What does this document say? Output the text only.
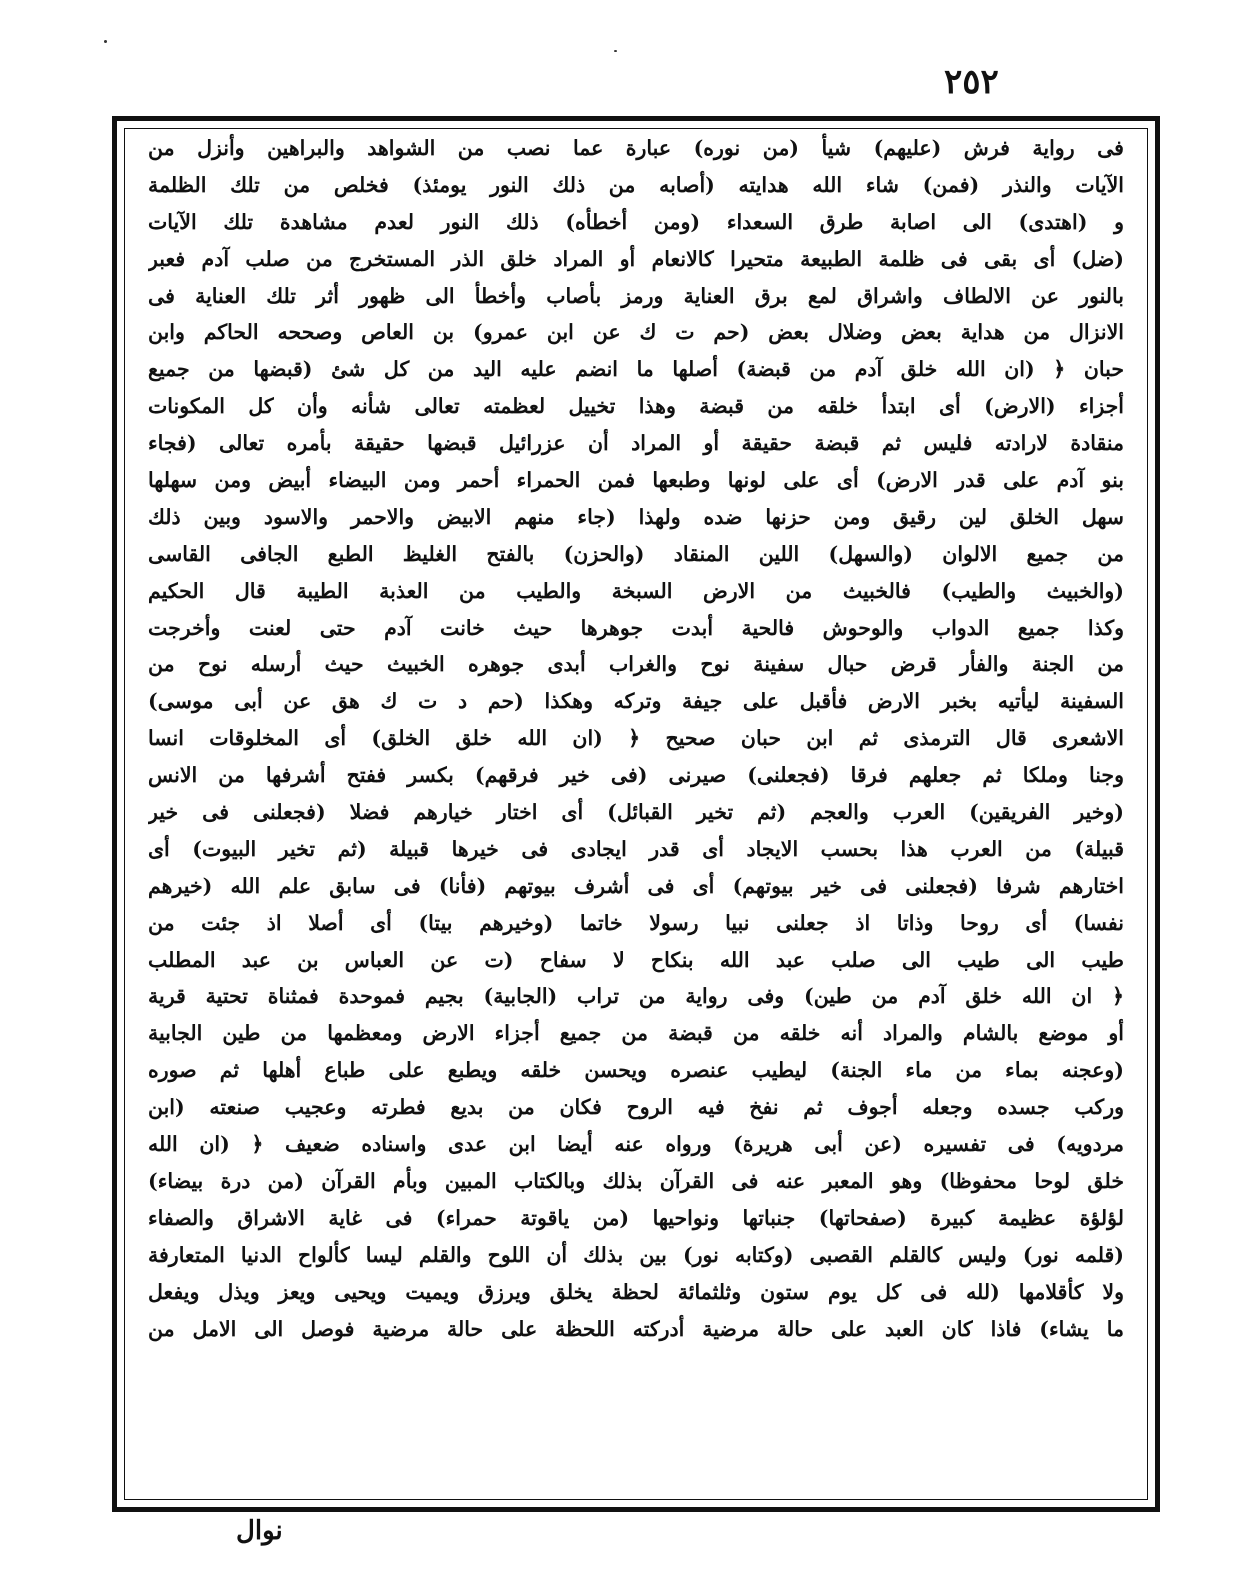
٢٥٢
فى رواية فرش (عليهم) شيأ (من نوره) عبارة عما نصب من الشواهد والبراهين وأنزل من
الآيات والنذر (فمن) شاء الله هدايته (أصابه من ذلك النور يومئذ) فخلص من تلك الظلمة
و (اهتدى) الى اصابة طرق السعداء (ومن أخطأه) ذلك النور لعدم مشاهدة تلك الآيات
(ضل) أى بقى فى ظلمة الطبيعة متحيرا كالانعام أو المراد خلق الذر المستخرج من صلب آدم فعبر
بالنور عن الالطاف واشراق لمع برق العناية ورمز بأصاب وأخطأ الى ظهور أثر تلك العناية فى
الانزال من هداية بعض وضلال بعض (حم ت ك عن ابن عمرو) بن العاص وصححه الحاكم وابن
حبان ﴿ (ان الله خلق آدم من قبضة) أصلها ما انضم عليه اليد من كل شئ (قبضها من جميع
أجزاء (الارض) أى ابتدأ خلقه من قبضة وهذا تخييل لعظمته تعالى شأنه وأن كل المكونات
منقادة لارادته فليس ثم قبضة حقيقة أو المراد أن عزرائيل قبضها حقيقة بأمره تعالى (فجاء
بنو آدم على قدر الارض) أى على لونها وطبعها فمن الحمراء أحمر ومن البيضاء أبيض ومن سهلها
سهل الخلق لين رقيق ومن حزنها ضده ولهذا (جاء منهم الابيض والاحمر والاسود وبين ذلك
من جميع الالوان (والسهل) اللين المنقاد (والحزن) بالفتح الغليظ الطبع الجافى القاسى
(والخبيث والطيب) فالخبيث من الارض السبخة والطيب من العذبة الطيبة قال الحكيم
وكذا جميع الدواب والوحوش فالحية أبدت جوهرها حيث خانت آدم حتى لعنت وأخرجت
من الجنة والفأر قرض حبال سفينة نوح والغراب أبدى جوهره الخبيث حيث أرسله نوح من
السفينة ليأتيه بخبر الارض فأقبل على جيفة وتركه وهكذا (حم د ت ك هق عن أبى موسى)
الاشعرى قال الترمذى ثم ابن حبان صحيح ﴿ (ان الله خلق الخلق) أى المخلوقات انسا
وجنا وملكا ثم جعلهم فرقا (فجعلنى) صيرنى (فى خير فرقهم) بكسر ففتح أشرفها من الانس
(وخير الفريقين) العرب والعجم (ثم تخير القبائل) أى اختار خيارهم فضلا (فجعلنى فى خير
قبيلة) من العرب هذا بحسب الايجاد أى قدر ايجادى فى خيرها قبيلة (ثم تخير البيوت) أى
اختارهم شرفا (فجعلنى فى خير بيوتهم) أى فى أشرف بيوتهم (فأنا) فى سابق علم الله (خيرهم
نفسا) أى روحا وذاتا اذ جعلنى نبيا رسولا خاتما (وخيرهم بيتا) أى أصلا اذ جئت من
طيب الى طيب الى صلب عبد الله بنكاح لا سفاح (ت عن العباس بن عبد المطلب
﴿ ان الله خلق آدم من طين) وفى رواية من تراب (الجابية) بجيم فموحدة فمثناة تحتية قرية
أو موضع بالشام والمراد أنه خلقه من قبضة من جميع أجزاء الارض ومعظمها من طين الجابية
(وعجنه بماء من ماء الجنة) ليطيب عنصره ويحسن خلقه ويطبع على طباع أهلها ثم صوره
وركب جسده وجعله أجوف ثم نفخ فيه الروح فكان من بديع فطرته وعجيب صنعته (ابن
مردويه) فى تفسيره (عن أبى هريرة) ورواه عنه أيضا ابن عدى واسناده ضعيف ﴿ (ان الله
خلق لوحا محفوظا) وهو المعبر عنه فى القرآن بذلك وبالكتاب المبين وبأم القرآن (من درة بيضاء)
لؤلؤة عظيمة كبيرة (صفحاتها) جنباتها ونواحيها (من ياقوتة حمراء) فى غاية الاشراق والصفاء
(قلمه نور) وليس كالقلم القصبى (وكتابه نور) بين بذلك أن اللوح والقلم ليسا كألواح الدنيا المتعارفة
ولا كأقلامها (لله فى كل يوم ستون وثلثمائة لحظة يخلق ويرزق ويميت ويحيى ويعز ويذل ويفعل
ما يشاء) فاذا كان العبد على حالة مرضية أدركته اللحظة على حالة مرضية فوصل الى الامل من
نوال
